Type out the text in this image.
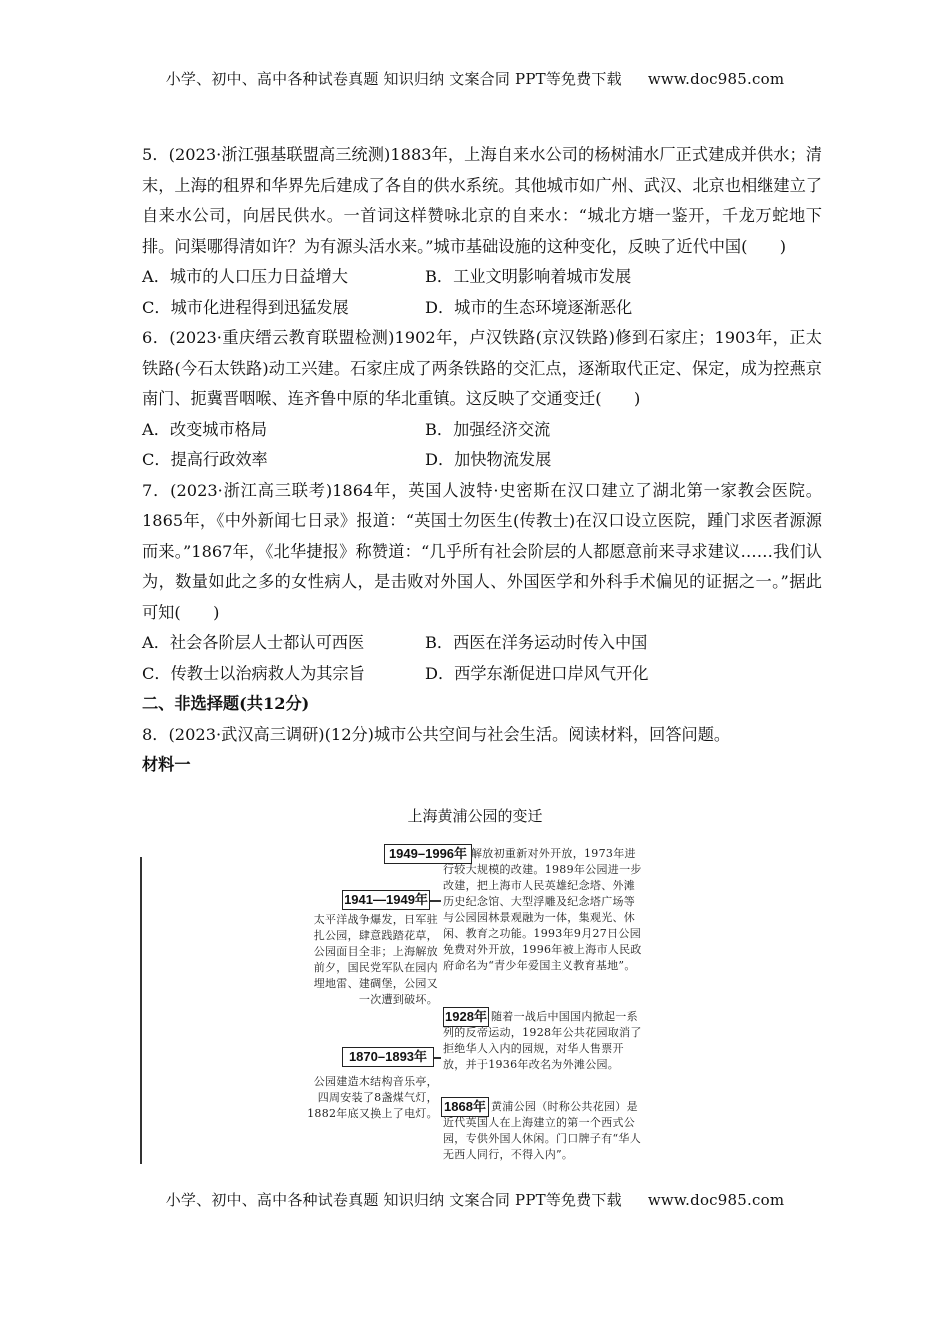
小学、初中、高中各种试卷真题 知识归纳 文案合同 PPT等免费下载 www.doc985.com

5．(2023·浙江强基联盟高三统测)1883年，上海自来水公司的杨树浦水厂正式建成并供水；清末，上海的租界和华界先后建成了各自的供水系统。其他城市如广州、武汉、北京也相继建立了自来水公司，向居民供水。一首词这样赞咏北京的自来水：“城北方塘一鉴开，千龙万蛇地下排。问渠哪得清如许？为有源头活水来。”城市基础设施的这种变化，反映了近代中国(　　)

A．城市的人口压力日益增大	B．工业文明影响着城市发展
C．城市化进程得到迅猛发展	D．城市的生态环境逐渐恶化

6．(2023·重庆缙云教育联盟检测)1902年，卢汉铁路(京汉铁路)修到石家庄；1903年，正太铁路(今石太铁路)动工兴建。石家庄成了两条铁路的交汇点，逐渐取代正定、保定，成为控燕京南门、扼冀晋咽喉、连齐鲁中原的华北重镇。这反映了交通变迁(　　)

A．改变城市格局	B．加强经济交流
C．提高行政效率	D．加快物流发展

7．(2023·浙江高三联考)1864年，英国人波特·史密斯在汉口建立了湖北第一家教会医院。1865年，《中外新闻七日录》报道：“英国士勿医生(传教士)在汉口设立医院，踵门求医者源源而来。”1867年，《北华捷报》称赞道：“几乎所有社会阶层的人都愿意前来寻求建议……我们认为，数量如此之多的女性病人，是击败对外国人、外国医学和外科手术偏见的证据之一。”据此可知(　　)

A．社会各阶层人士都认可西医	B．西医在洋务运动时传入中国
C．传教士以治病救人为其宗旨	D．西学东渐促进口岸风气开化

二、非选择题(共12分)

8．(2023·武汉高三调研)(12分)城市公共空间与社会生活。阅读材料，回答问题。

材料一

上海黄浦公园的变迁
1949–1996年 解放初重新对外开放，1973年进行较大规模的改建。1989年公园进一步改建，把上海市人民英雄纪念塔、外滩历史纪念馆、大型浮雕及纪念塔广场等与公园园林景观融为一体，集观光、休闲、教育之功能。1993年9月27日公园免费对外开放，1996年被上海市人民政府命名为“青少年爱国主义教育基地”。
1941—1949年
太平洋战争爆发，日军驻扎公园，肆意践踏花草，公园面目全非；上海解放前夕，国民党军队在园内埋地雷、建碉堡，公园又一次遭到破坏。
1928年 随着一战后中国国内掀起一系列的反帝运动，1928年公共花园取消了拒绝华人入内的园规，对华人售票开放，并于1936年改名为外滩公园。
1870–1893年
公园建造木结构音乐亭，四周安装了8盏煤气灯，1882年底又换上了电灯。 1868年 黄浦公园（时称公共花园）是近代英国人在上海建立的第一个西式公园，专供外国人休闲。门口牌子有“华人无西人同行，不得入内”。
小学、初中、高中各种试卷真题 知识归纳 文案合同 PPT等免费下载 www.doc985.com
